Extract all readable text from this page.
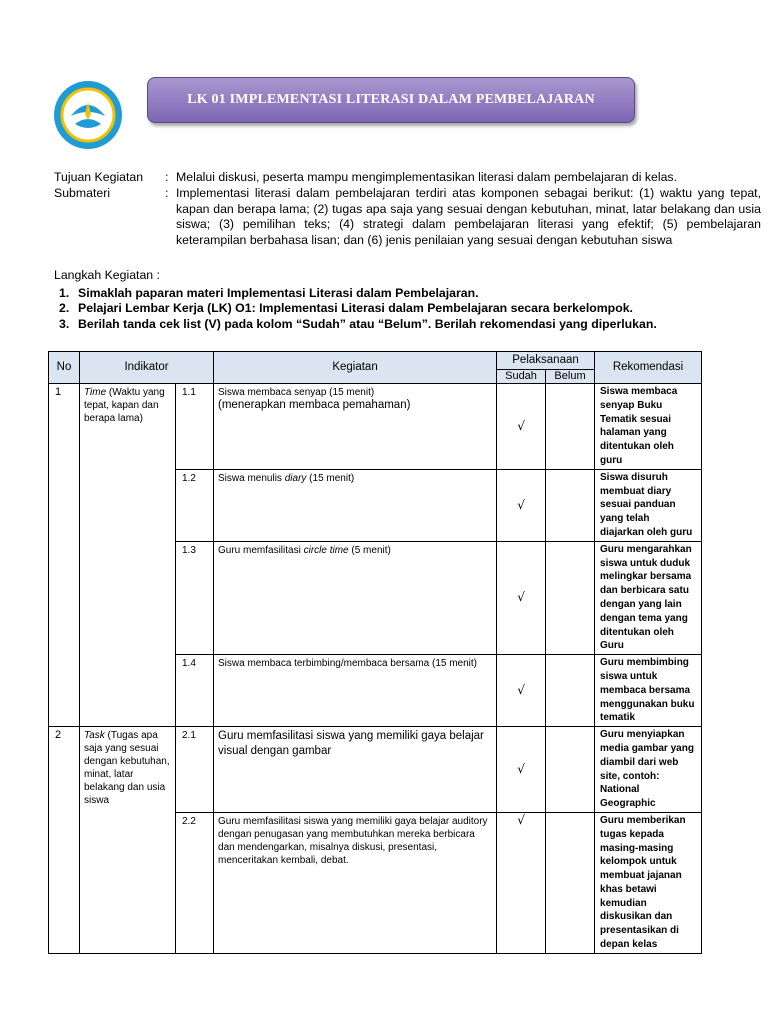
LK 01 IMPLEMENTASI LITERASI DALAM PEMBELAJARAN
Tujuan Kegiatan	: Melalui diskusi, peserta mampu mengimplementasikan literasi dalam pembelajaran di kelas.
Submateri	: Implementasi literasi dalam pembelajaran terdiri atas komponen sebagai berikut: (1) waktu yang tepat, kapan dan berapa lama; (2) tugas apa saja yang sesuai dengan kebutuhan, minat, latar belakang dan usia siswa; (3) pemilihan teks; (4) strategi dalam pembelajaran literasi yang efektif; (5) pembelajaran keterampilan berbahasa lisan; dan (6) jenis penilaian yang sesuai dengan kebutuhan siswa
Langkah Kegiatan :
1. Simaklah paparan materi Implementasi Literasi dalam Pembelajaran.
2. Pelajari Lembar Kerja (LK) O1: Implementasi Literasi dalam Pembelajaran secara berkelompok.
3. Berilah tanda cek list (V) pada kolom “Sudah” atau “Belum”. Berilah rekomendasi yang diperlukan.
No	Indikator		Kegiatan	Pelaksanaan		Rekomendasi
				Sudah	Belum	
1	Time (Waktu yang tepat, kapan dan berapa lama)	1.1	Siswa membaca senyap (15 menit)
(menerapkan membaca pemahaman)	√		Siswa membaca senyap Buku Tematik sesuai halaman yang ditentukan oleh guru
		1.2	Siswa menulis diary (15 menit)	√		Siswa disuruh membuat diary sesuai panduan yang telah diajarkan oleh guru
		1.3	Guru memfasilitasi circle time (5 menit)	√		Guru mengarahkan siswa untuk duduk melingkar bersama dan berbicara satu dengan yang lain dengan tema yang ditentukan oleh Guru
		1.4	Siswa membaca terbimbing/membaca bersama (15 menit)	√		Guru membimbing siswa untuk membaca bersama menggunakan buku tematik
2	Task (Tugas apa saja yang sesuai dengan kebutuhan, minat, latar belakang dan usia siswa	2.1	Guru memfasilitasi siswa yang memiliki gaya belajar visual dengan gambar	√		Guru menyiapkan media gambar yang diambil dari web site, contoh: National Geographic
		2.2	Guru memfasilitasi siswa yang memiliki gaya belajar auditory dengan penugasan yang membutuhkan mereka berbicara dan mendengarkan, misalnya diskusi, presentasi, menceritakan kembali, debat.	√		Guru memberikan tugas kepada masing-masing kelompok untuk membuat jajanan khas betawi kemudian diskusikan dan presentasikan di depan kelas
